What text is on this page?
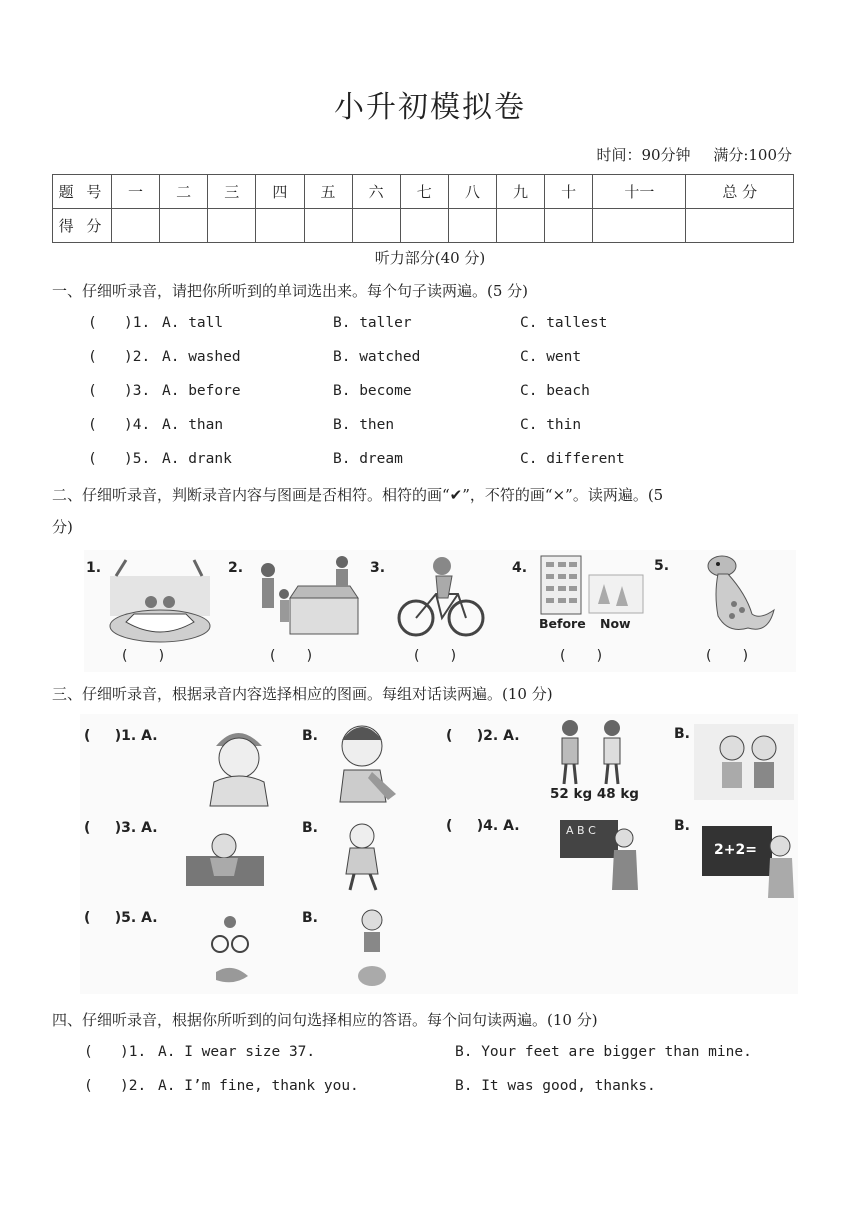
小升初模拟卷
时间：90分钟 满分:100分
题 号	一	二	三	四	五	六	七	八	九	十	十一	总 分
得 分												
听力部分(40 分)
一、仔细听录音，请把你所听到的单词选出来。每个句子读两遍。(5 分)
( )1. A. tall	B. taller	C. tallest
( )2. A. washed	B. watched	C. went
( )3. A. before	B. become	C. beach
( )4. A. than	B. then	C. thin
( )5. A. drank	B. dream	C. different
二、仔细听录音，判断录音内容与图画是否相符。相符的画“✔”，不符的画“×”。读两遍。(5
分)
1.	2.	3.	4.
Before Now
5.
( )	( )	( )	( )	( )
三、仔细听录音，根据录音内容选择相应的图画。每组对话读两遍。(10 分)
(     )1. A.	B.	(     )2. A.
52 kg 48 kg
B.
(     )3. A.	B.	(     )4. A.	A B C	B.
2+2=
(     )5. A.	B.
四、仔细听录音，根据你所听到的问句选择相应的答语。每个问句读两遍。(10 分)
( )1. A. I wear size 37.	B. Your feet are bigger than mine.
( )2. A. I’m fine, thank you.	B. It was good, thanks.
